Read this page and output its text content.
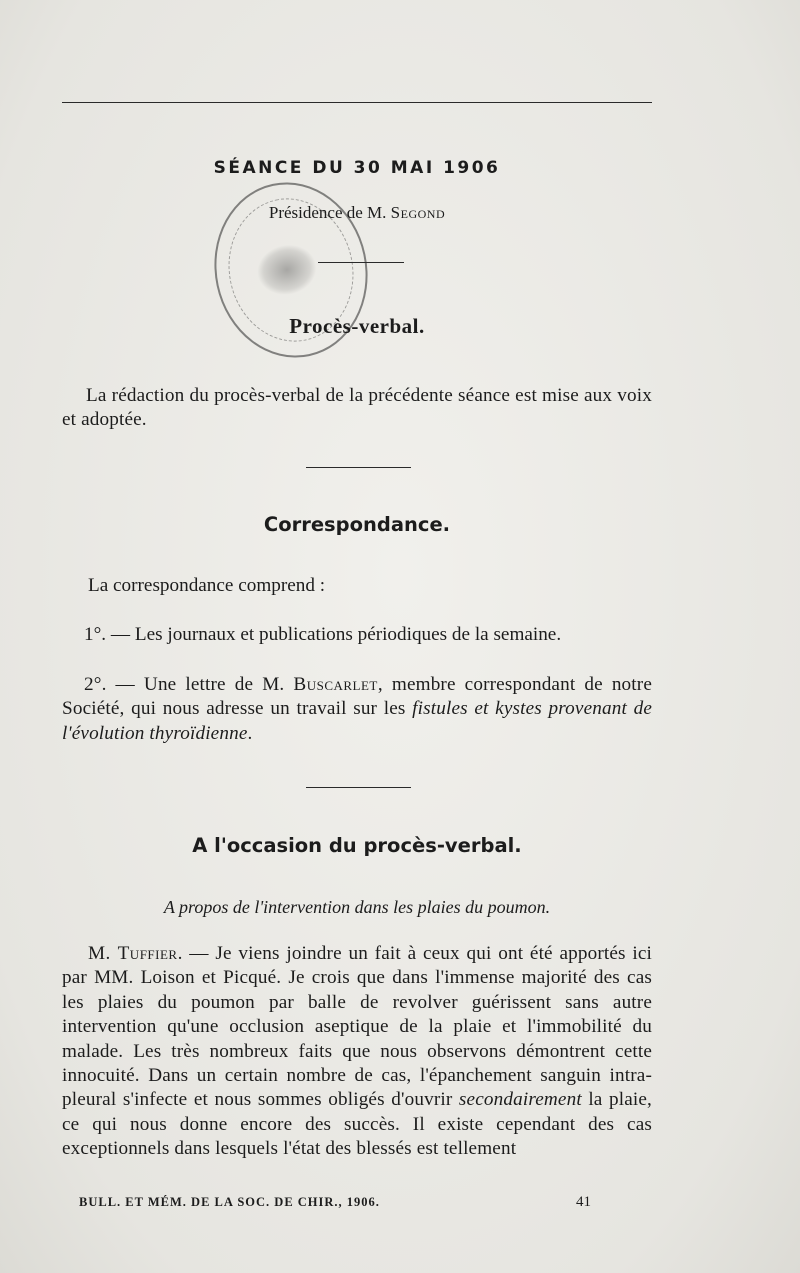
SÉANCE DU 30 MAI 1906
Présidence de M. Segond
Procès-verbal.
La rédaction du procès-verbal de la précédente séance est mise aux voix et adoptée.
Correspondance.
La correspondance comprend :
1°. — Les journaux et publications périodiques de la semaine.
2°. — Une lettre de M. Buscarlet, membre correspondant de notre Société, qui nous adresse un travail sur les fistules et kystes provenant de l'évolution thyroïdienne.
A l'occasion du procès-verbal.
A propos de l'intervention dans les plaies du poumon.
M. Tuffier. — Je viens joindre un fait à ceux qui ont été apportés ici par MM. Loison et Picqué. Je crois que dans l'immense majorité des cas les plaies du poumon par balle de revolver guérissent sans autre intervention qu'une occlusion aseptique de la plaie et l'immobilité du malade. Les très nombreux faits que nous observons démontrent cette innocuité. Dans un certain nombre de cas, l'épanchement sanguin intra-pleural s'infecte et nous sommes obligés d'ouvrir secondairement la plaie, ce qui nous donne encore des succès. Il existe cependant des cas exceptionnels dans lesquels l'état des blessés est tellement
BULL. ET MÉM. DE LA SOC. DE CHIR., 1906.	41
